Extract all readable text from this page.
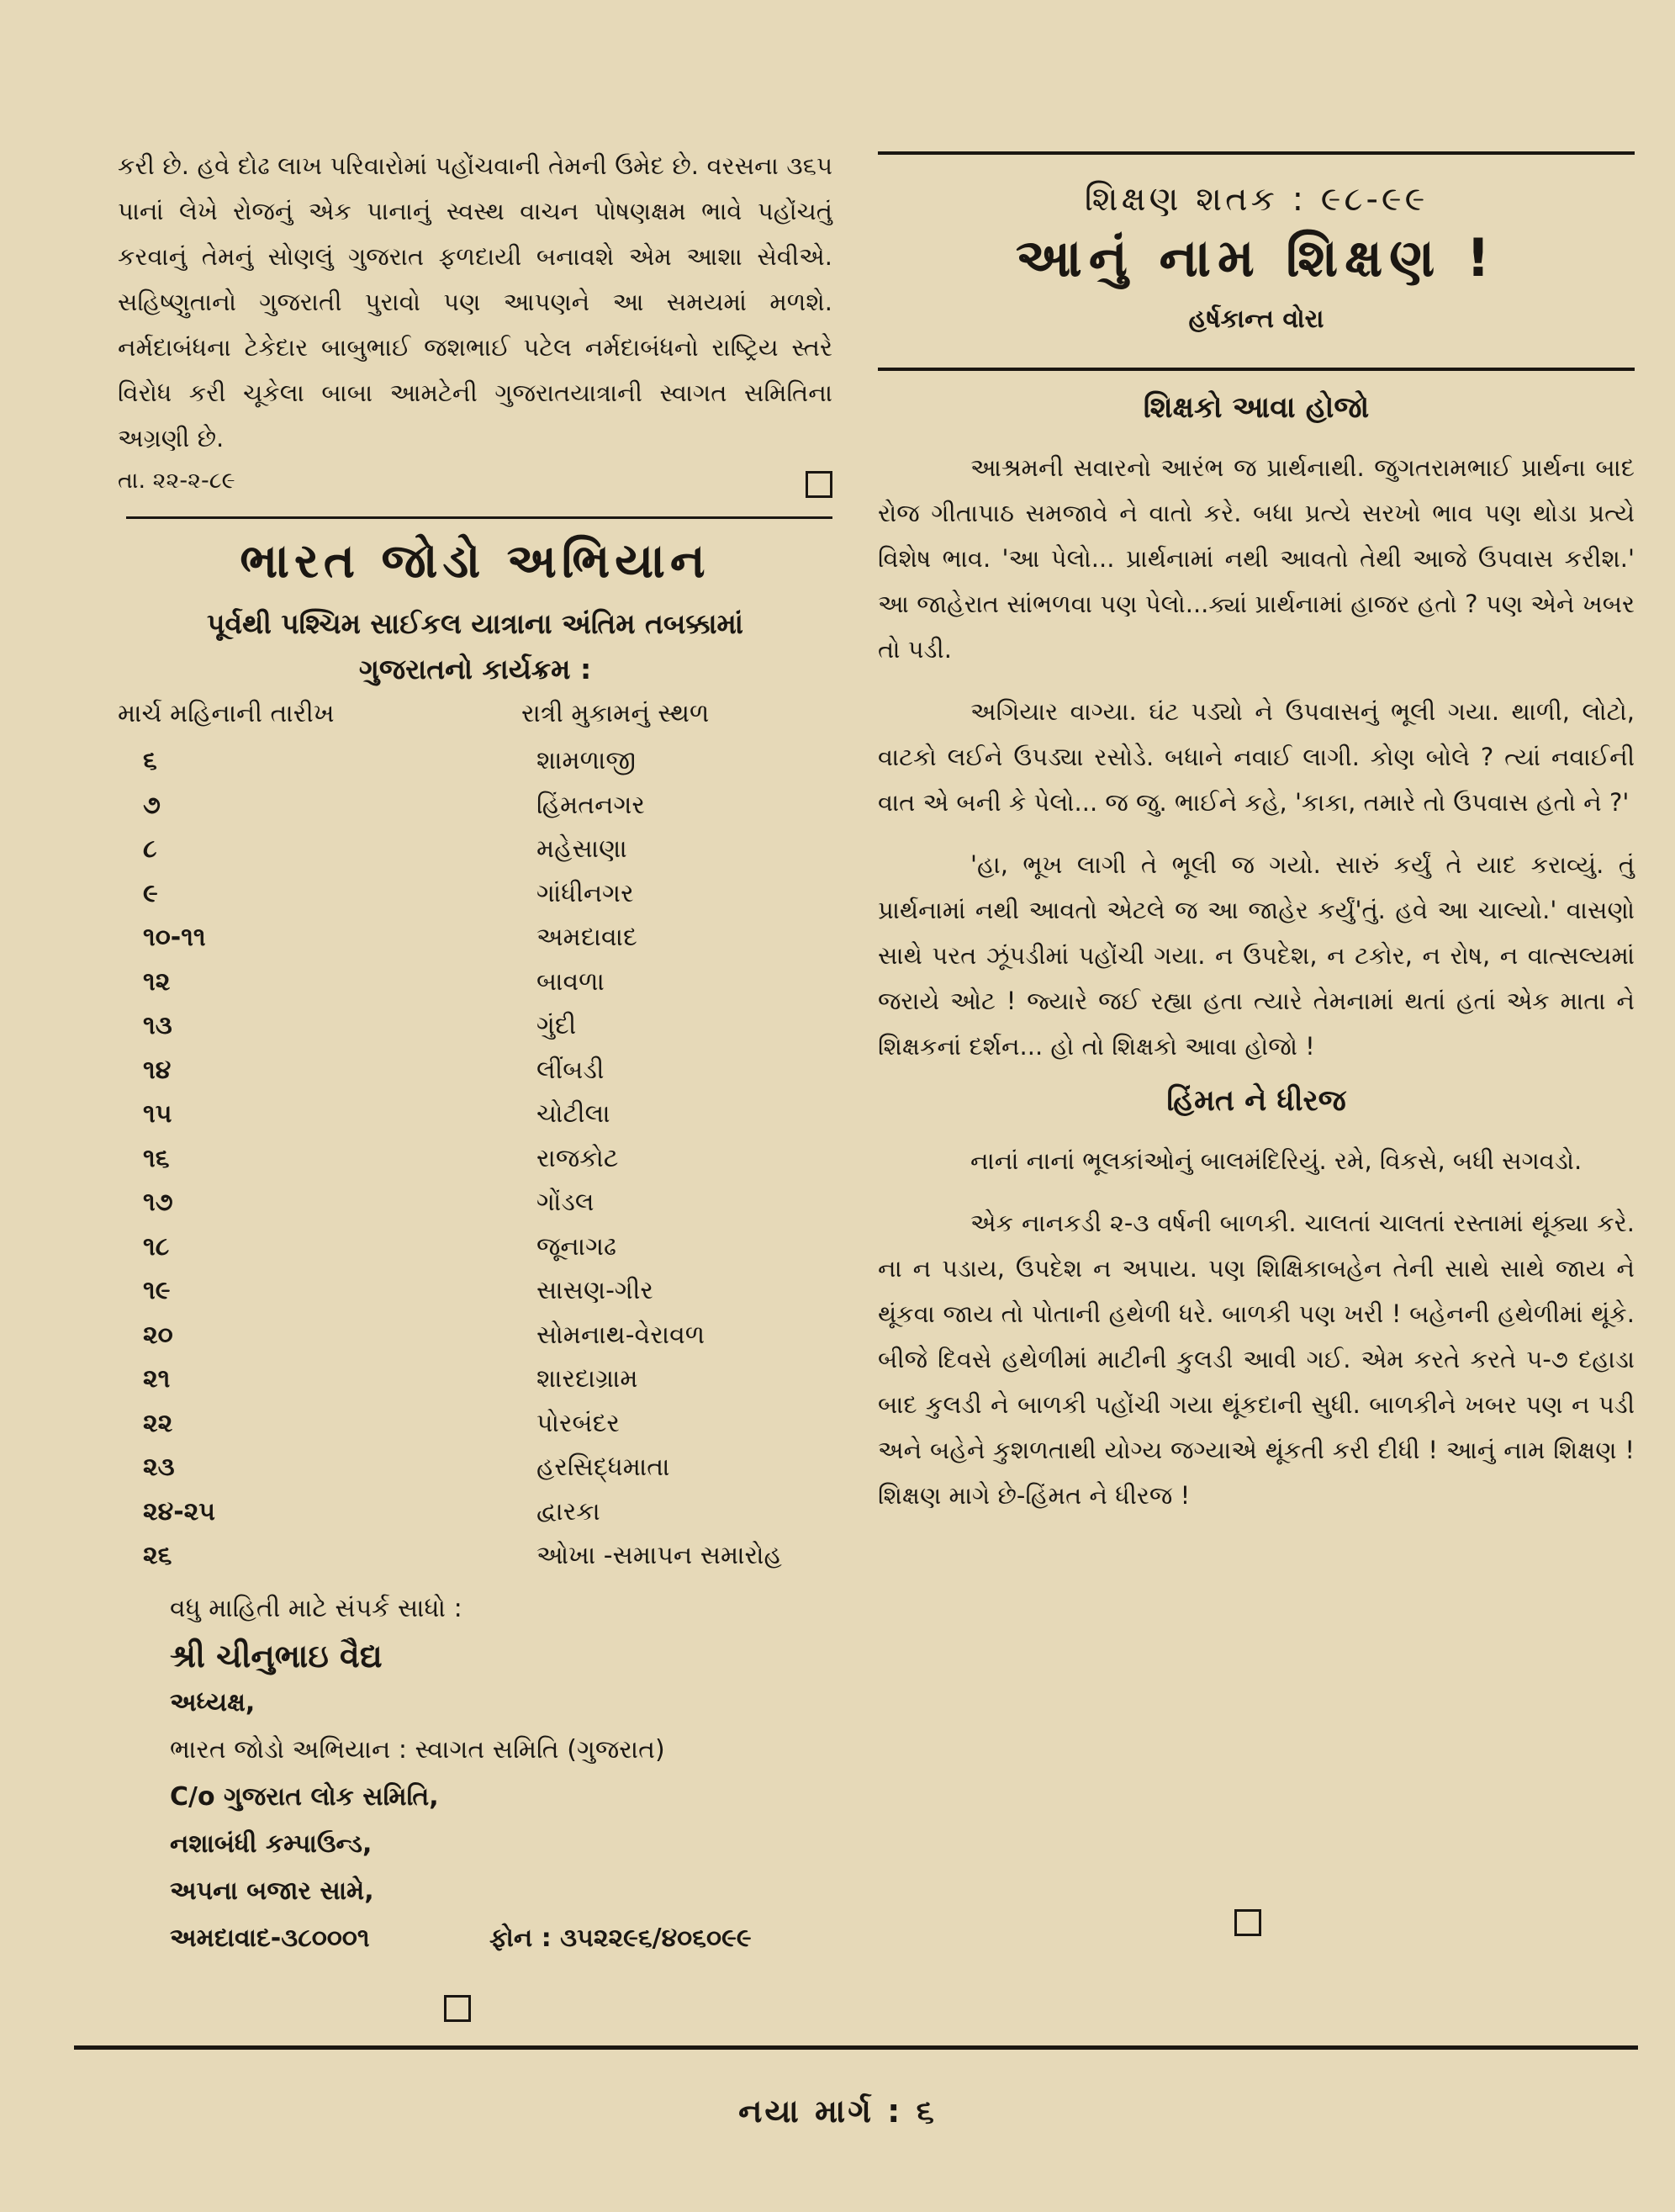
કરી છે. હવે દોઢ લાખ પરિવારોમાં પહોંચવાની તેમની ઉમેદ છે. વરસના ૩૬૫ પાનાં લેખે રોજનું એક પાનાનું સ્વસ્થ વાચન પોષણક્ષમ ભાવે પહોંચતું કરવાનું તેમનું સોણલું ગુજરાત ફળદાયી બનાવશે એમ આશા સેવીએ. સહિષ્ણુતાનો ગુજરાતી પુરાવો પણ આપણને આ સમયમાં મળશે. નર્મદાબંધના ટેકેદાર બાબુભાઈ જશભાઈ પટેલ નર્મદાબંધનો રાષ્ટ્રિય સ્તરે વિરોધ કરી ચૂકેલા બાબા આમટેની ગુજરાતયાત્રાની સ્વાગત સમિતિના અગ્રણી છે.

તા. ૨૨-૨-૮૯
ભારત જોડો અભિયાન

પૂર્વથી પશ્ચિમ સાઈકલ યાત્રાના અંતિમ તબક્કામાં

ગુજરાતનો કાર્યક્રમ :

માર્ચ મહિનાની તારીખ	રાત્રી મુકામનું સ્થળ
૬	શામળાજી
૭	હિંમતનગર
૮	મહેસાણા
૯	ગાંધીનગર
૧૦-૧૧	અમદાવાદ
૧૨	બાવળા
૧૩	ગુંદી
૧૪	લીંબડી
૧૫	ચોટીલા
૧૬	રાજકોટ
૧૭	ગોંડલ
૧૮	જૂનાગઢ
૧૯	સાસણ-ગીર
૨૦	સોમનાથ-વેરાવળ
૨૧	શારદાગ્રામ
૨૨	પોરબંદર
૨૩	હરસિદ્ધમાતા
૨૪-૨૫	દ્વારકા
૨૬	ઓખા -સમાપન સમારોહ
વધુ માહિતી માટે સંપર્ક સાધો :
શ્રી ચીનુભાઇ વૈદ્ય
અધ્યક્ષ,
ભારત જોડો અભિયાન : સ્વાગત સમિતિ (ગુજરાત)
C/o ગુજરાત લોક સમિતિ,
નશાબંધી કમ્પાઉન્ડ,
અપના બજાર સામે,
અમદાવાદ-૩૮૦૦૦૧	ફોન : ૩૫૨૨૯૬/૪૦૬૦૯૯
શિક્ષણ શતક : ૯૮-૯૯
આનું નામ શિક્ષણ !
હર્ષકાન્ત વોરા
શિક્ષકો આવા હોજો

આશ્રમની સવારનો આરંભ જ પ્રાર્થનાથી. જુગતરામભાઈ પ્રાર્થના બાદ રોજ ગીતાપાઠ સમજાવે ને વાતો કરે. બધા પ્રત્યે સરખો ભાવ પણ થોડા પ્રત્યે વિશેષ ભાવ. 'આ પેલો... પ્રાર્થનામાં નથી આવતો તેથી આજે ઉપવાસ કરીશ.' આ જાહેરાત સાંભળવા પણ પેલો...ક્યાં પ્રાર્થનામાં હાજર હતો ? પણ એને ખબર તો પડી.

અગિયાર વાગ્યા. ઘંટ પડ્યો ને ઉપવાસનું ભૂલી ગયા. થાળી, લોટો, વાટકો લઈને ઉપડ્યા રસોડે. બધાને નવાઈ લાગી. કોણ બોલે ? ત્યાં નવાઈની વાત એ બની કે પેલો... જ જુ. ભાઈને કહે, 'કાકા, તમારે તો ઉપવાસ હતો ને ?'

'હા, ભૂખ લાગી તે ભૂલી જ ગયો. સારું કર્યું તે યાદ કરાવ્યું. તું પ્રાર્થનામાં નથી આવતો એટલે જ આ જાહેર કર્યું'તું. હવે આ ચાલ્યો.' વાસણો સાથે પરત ઝૂંપડીમાં પહોંચી ગયા. ન ઉપદેશ, ન ટકોર, ન રોષ, ન વાત્સલ્યમાં જરાયે ઓટ ! જ્યારે જઈ રહ્યા હતા ત્યારે તેમનામાં થતાં હતાં એક માતા ને શિક્ષકનાં દર્શન... હો તો શિક્ષકો આવા હોજો !

હિંમત ને ધીરજ

નાનાં નાનાં ભૂલકાંઓનું બાલમંદિરિયું. રમે, વિકસે, બધી સગવડો.

એક નાનકડી ૨-૩ વર્ષની બાળકી. ચાલતાં ચાલતાં રસ્તામાં થૂંક્યા કરે. ના ન પડાય, ઉપદેશ ન અપાય. પણ શિક્ષિકાબહેન તેની સાથે સાથે જાય ને થૂંકવા જાય તો પોતાની હથેળી ધરે. બાળકી પણ ખરી ! બહેનની હથેળીમાં થૂંકે. બીજે દિવસે હથેળીમાં માટીની કુલડી આવી ગઈ. એમ કરતે કરતે ૫-૭ દહાડા બાદ કુલડી ને બાળકી પહોંચી ગયા થૂંકદાની સુધી. બાળકીને ખબર પણ ન પડી અને બહેને કુશળતાથી યોગ્ય જગ્યાએ થૂંકતી કરી દીધી ! આનું નામ શિક્ષણ ! શિક્ષણ માગે છે-હિંમત ને ધીરજ !

નયા માર્ગ : ૬
